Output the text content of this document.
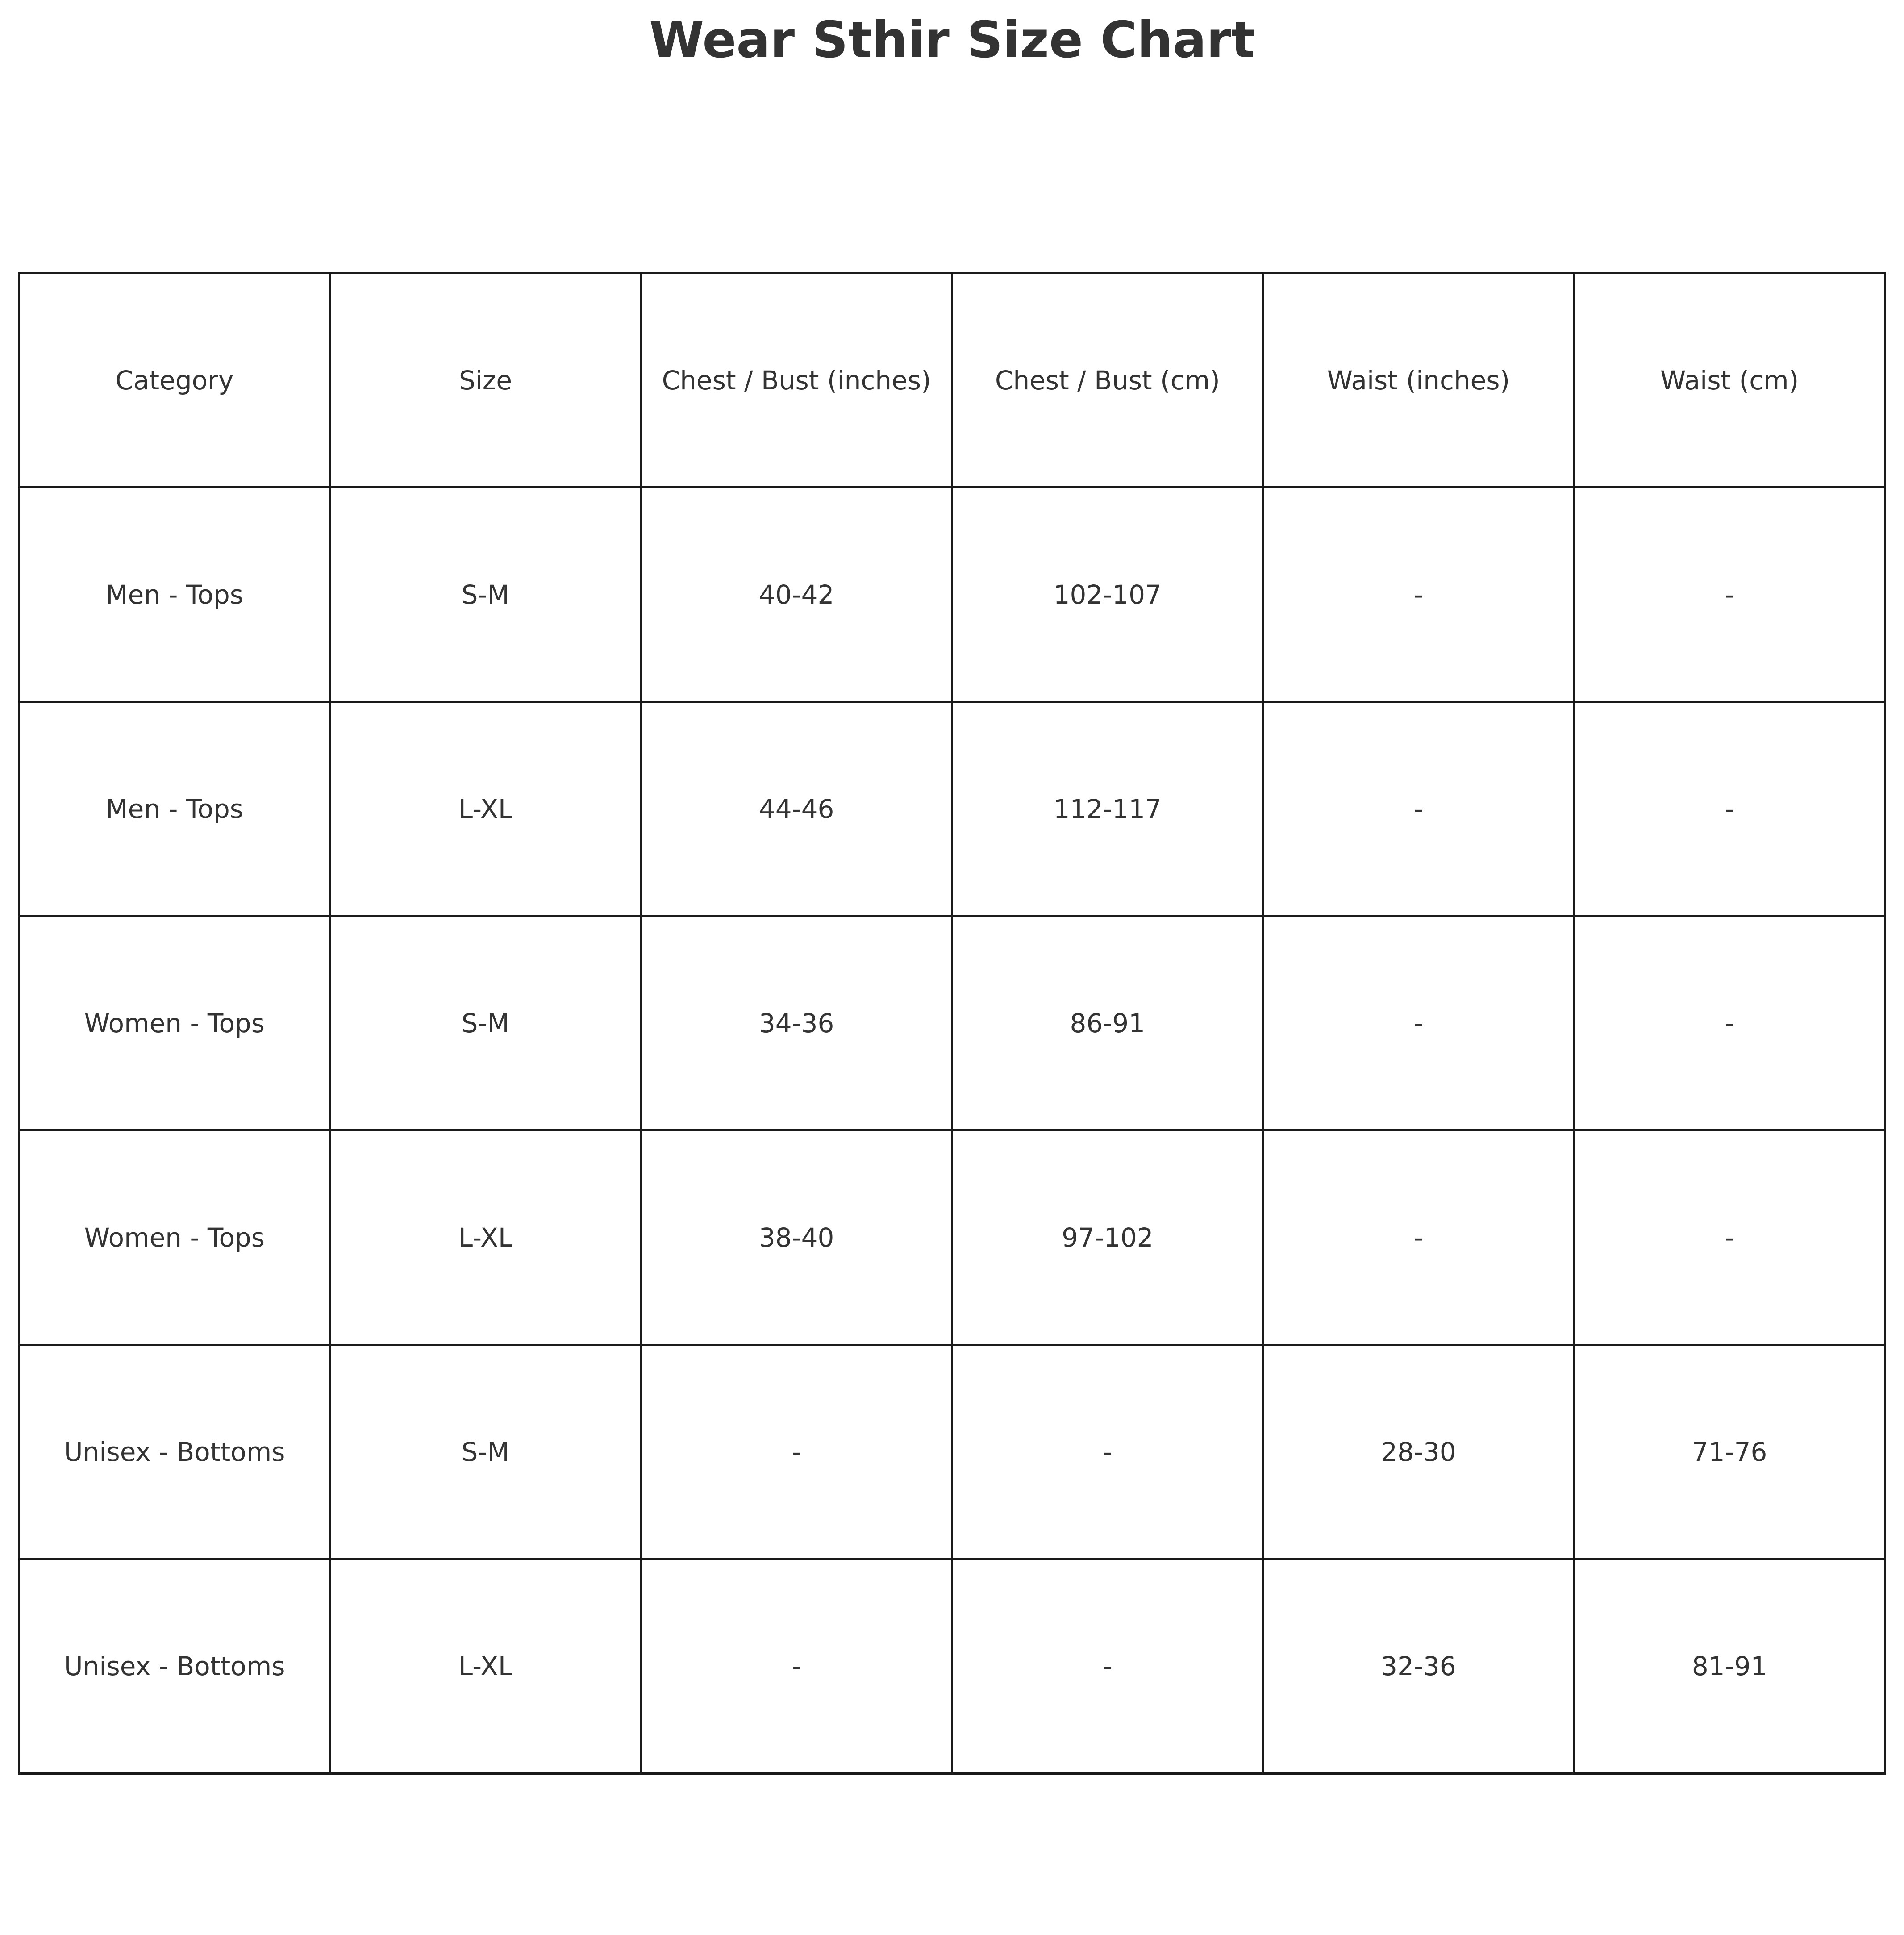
Wear Sthir Size Chart
Category	Size	Chest / Bust (inches)	Chest / Bust (cm)	Waist (inches)	Waist (cm)
Men - Tops	S-M	40-42	102-107	-	-
Men - Tops	L-XL	44-46	112-117	-	-
Women - Tops	S-M	34-36	86-91	-	-
Women - Tops	L-XL	38-40	97-102	-	-
Unisex - Bottoms	S-M	-	-	28-30	71-76
Unisex - Bottoms	L-XL	-	-	32-36	81-91
